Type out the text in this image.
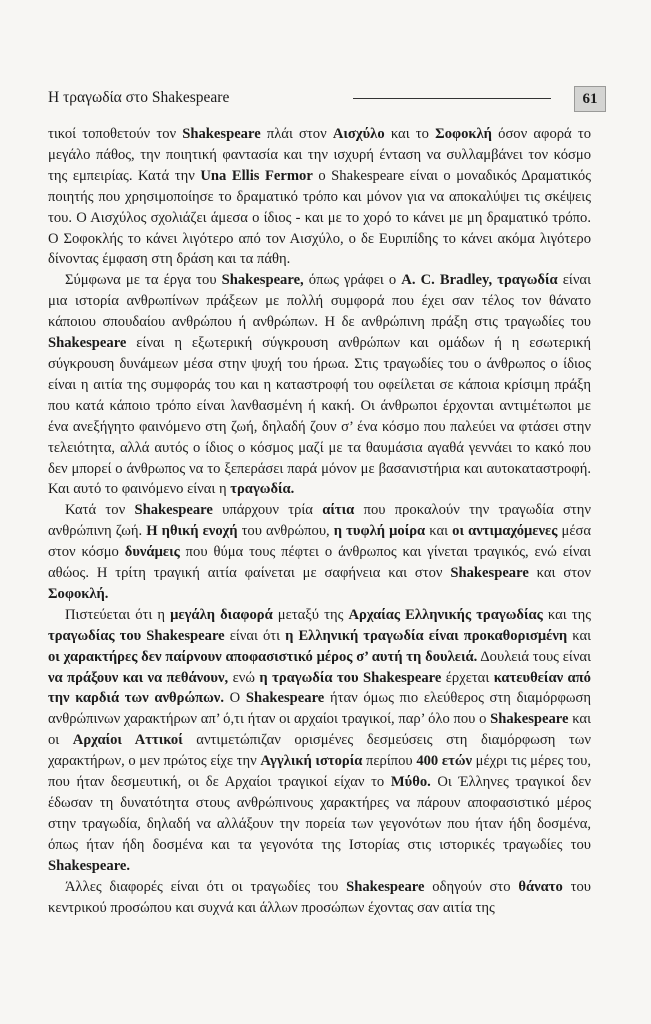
Η τραγωδία στο Shakespeare	61

τικοί τοποθετούν τον Shakespeare πλάι στον Αισχύλο και το Σοφοκλή όσον αφορά το μεγάλο πάθος, την ποιητική φαντασία και την ισχυρή ένταση να συλλαμβάνει τον κόσμο της εμπειρίας. Κατά την Una Ellis Fermor o Shakespeare είναι ο μοναδικός Δραματικός ποιητής που χρησιμοποίησε το δραματικό τρόπο και μόνον για να αποκαλύψει τις σκέψεις του. Ο Αισχύλος σχολιάζει άμεσα ο ίδιος - και με το χορό το κάνει με μη δραματικό τρόπο. Ο Σοφοκλής το κάνει λιγότερο από τον Αισχύλο, ο δε Ευριπίδης το κάνει ακόμα λιγότερο δίνοντας έμφαση στη δράση και τα πάθη.

Σύμφωνα με τα έργα του Shakespeare, όπως γράφει ο A. C. Bradley, τραγωδία είναι μια ιστορία ανθρωπίνων πράξεων με πολλή συμφορά που έχει σαν τέλος τον θάνατο κάποιου σπουδαίου ανθρώπου ή ανθρώπων. Η δε ανθρώπινη πράξη στις τραγωδίες του Shakespeare είναι η εξωτερική σύγκρουση ανθρώπων και ομάδων ή η εσωτερική σύγκρουση δυνάμεων μέσα στην ψυχή του ήρωα. Στις τραγωδίες του ο άνθρωπος ο ίδιος είναι η αιτία της συμφοράς του και η καταστροφή του οφείλεται σε κάποια κρίσιμη πράξη που κατά κάποιο τρόπο είναι λανθασμένη ή κακή. Οι άνθρωποι έρχονται αντιμέτωποι με ένα ανεξήγητο φαινόμενο στη ζωή, δηλαδή ζουν σ’ ένα κόσμο που παλεύει να φτάσει στην τελειότητα, αλλά αυτός ο ίδιος ο κόσμος μαζί με τα θαυμάσια αγαθά γεννάει το κακό που δεν μπορεί ο άνθρωπος να το ξεπεράσει παρά μόνον με βασανιστήρια και αυτοκαταστροφή. Και αυτό το φαινόμενο είναι η τραγωδία.

Κατά τον Shakespeare υπάρχουν τρία αίτια που προκαλούν την τραγωδία στην ανθρώπινη ζωή. Η ηθική ενοχή του ανθρώπου, η τυφλή μοίρα και οι αντιμαχόμενες μέσα στον κόσμο δυνάμεις που θύμα τους πέφτει ο άνθρωπος και γίνεται τραγικός, ενώ είναι αθώος. Η τρίτη τραγική αιτία φαίνεται με σαφήνεια και στον Shakespeare και στον Σοφοκλή.

Πιστεύεται ότι η μεγάλη διαφορά μεταξύ της Αρχαίας Ελληνικής τραγωδίας και της τραγωδίας του Shakespeare είναι ότι η Ελληνική τραγωδία είναι προκαθορισμένη και οι χαρακτήρες δεν παίρνουν αποφασιστικό μέρος σ’ αυτή τη δουλειά. Δουλειά τους είναι να πράξουν και να πεθάνουν, ενώ η τραγωδία του Shakespeare έρχεται κατευθείαν από την καρδιά των ανθρώπων. Ο Shakespeare ήταν όμως πιο ελεύθερος στη διαμόρφωση ανθρώπινων χαρακτήρων απ’ ό,τι ήταν οι αρχαίοι τραγικοί, παρ’ όλο που ο Shakespeare και οι Αρχαίοι Αττικοί αντιμετώπιζαν ορισμένες δεσμεύσεις στη διαμόρφωση των χαρακτήρων, ο μεν πρώτος είχε την Αγγλική ιστορία περίπου 400 ετών μέχρι τις μέρες του, που ήταν δεσμευτική, οι δε Αρχαίοι τραγικοί είχαν το Μύθο. Οι Έλληνες τραγικοί δεν έδωσαν τη δυνατότητα στους ανθρώπινους χαρακτήρες να πάρουν αποφασιστικό μέρος στην τραγωδία, δηλαδή να αλλάξουν την πορεία των γεγονότων που ήταν ήδη δοσμένα, όπως ήταν ήδη δοσμένα και τα γεγονότα της Ιστορίας στις ιστορικές τραγωδίες του Shakespeare.

Άλλες διαφορές είναι ότι οι τραγωδίες του Shakespeare οδηγούν στο θάνατο του κεντρικού προσώπου και συχνά και άλλων προσώπων έχοντας σαν αιτία της
